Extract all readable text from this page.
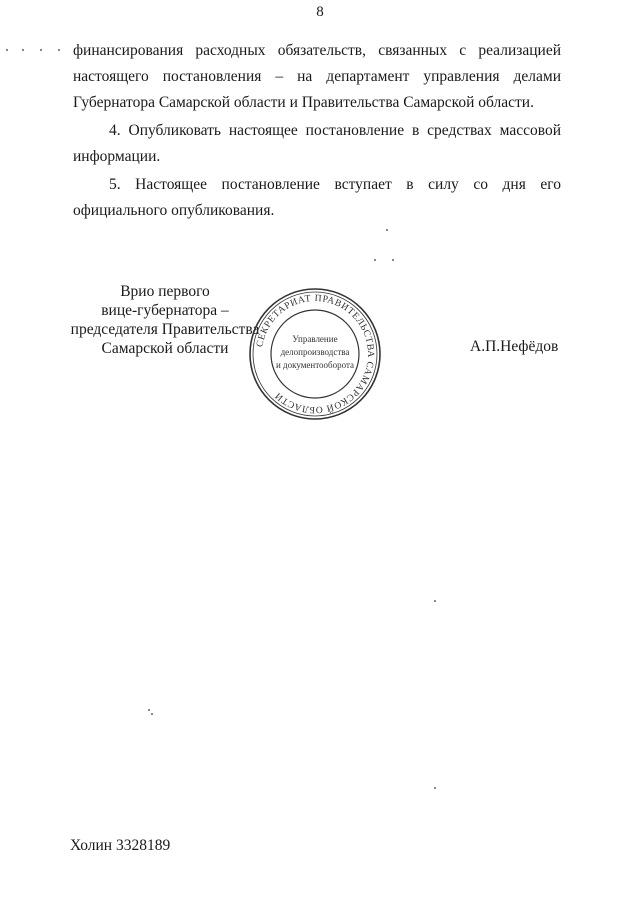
8
финансирования расходных обязательств, связанных с реализацией
настоящего постановления – на департамент управления делами
Губернатора Самарской области и Правительства Самарской области.
4. Опубликовать настоящее постановление в средствах массовой
информации.
5. Настоящее постановление вступает в силу со дня его
официального опубликования.
Врио первого
вице-губернатора –
председателя Правительства
Самарской области	СЕКРЕТАРИАТ ПРАВИТЕЛЬСТВА САМАРСКОЙ ОБЛАСТИ
Управление
делопроизводства
и документооборота
А.П.Нефёдов
Холин 3328189
